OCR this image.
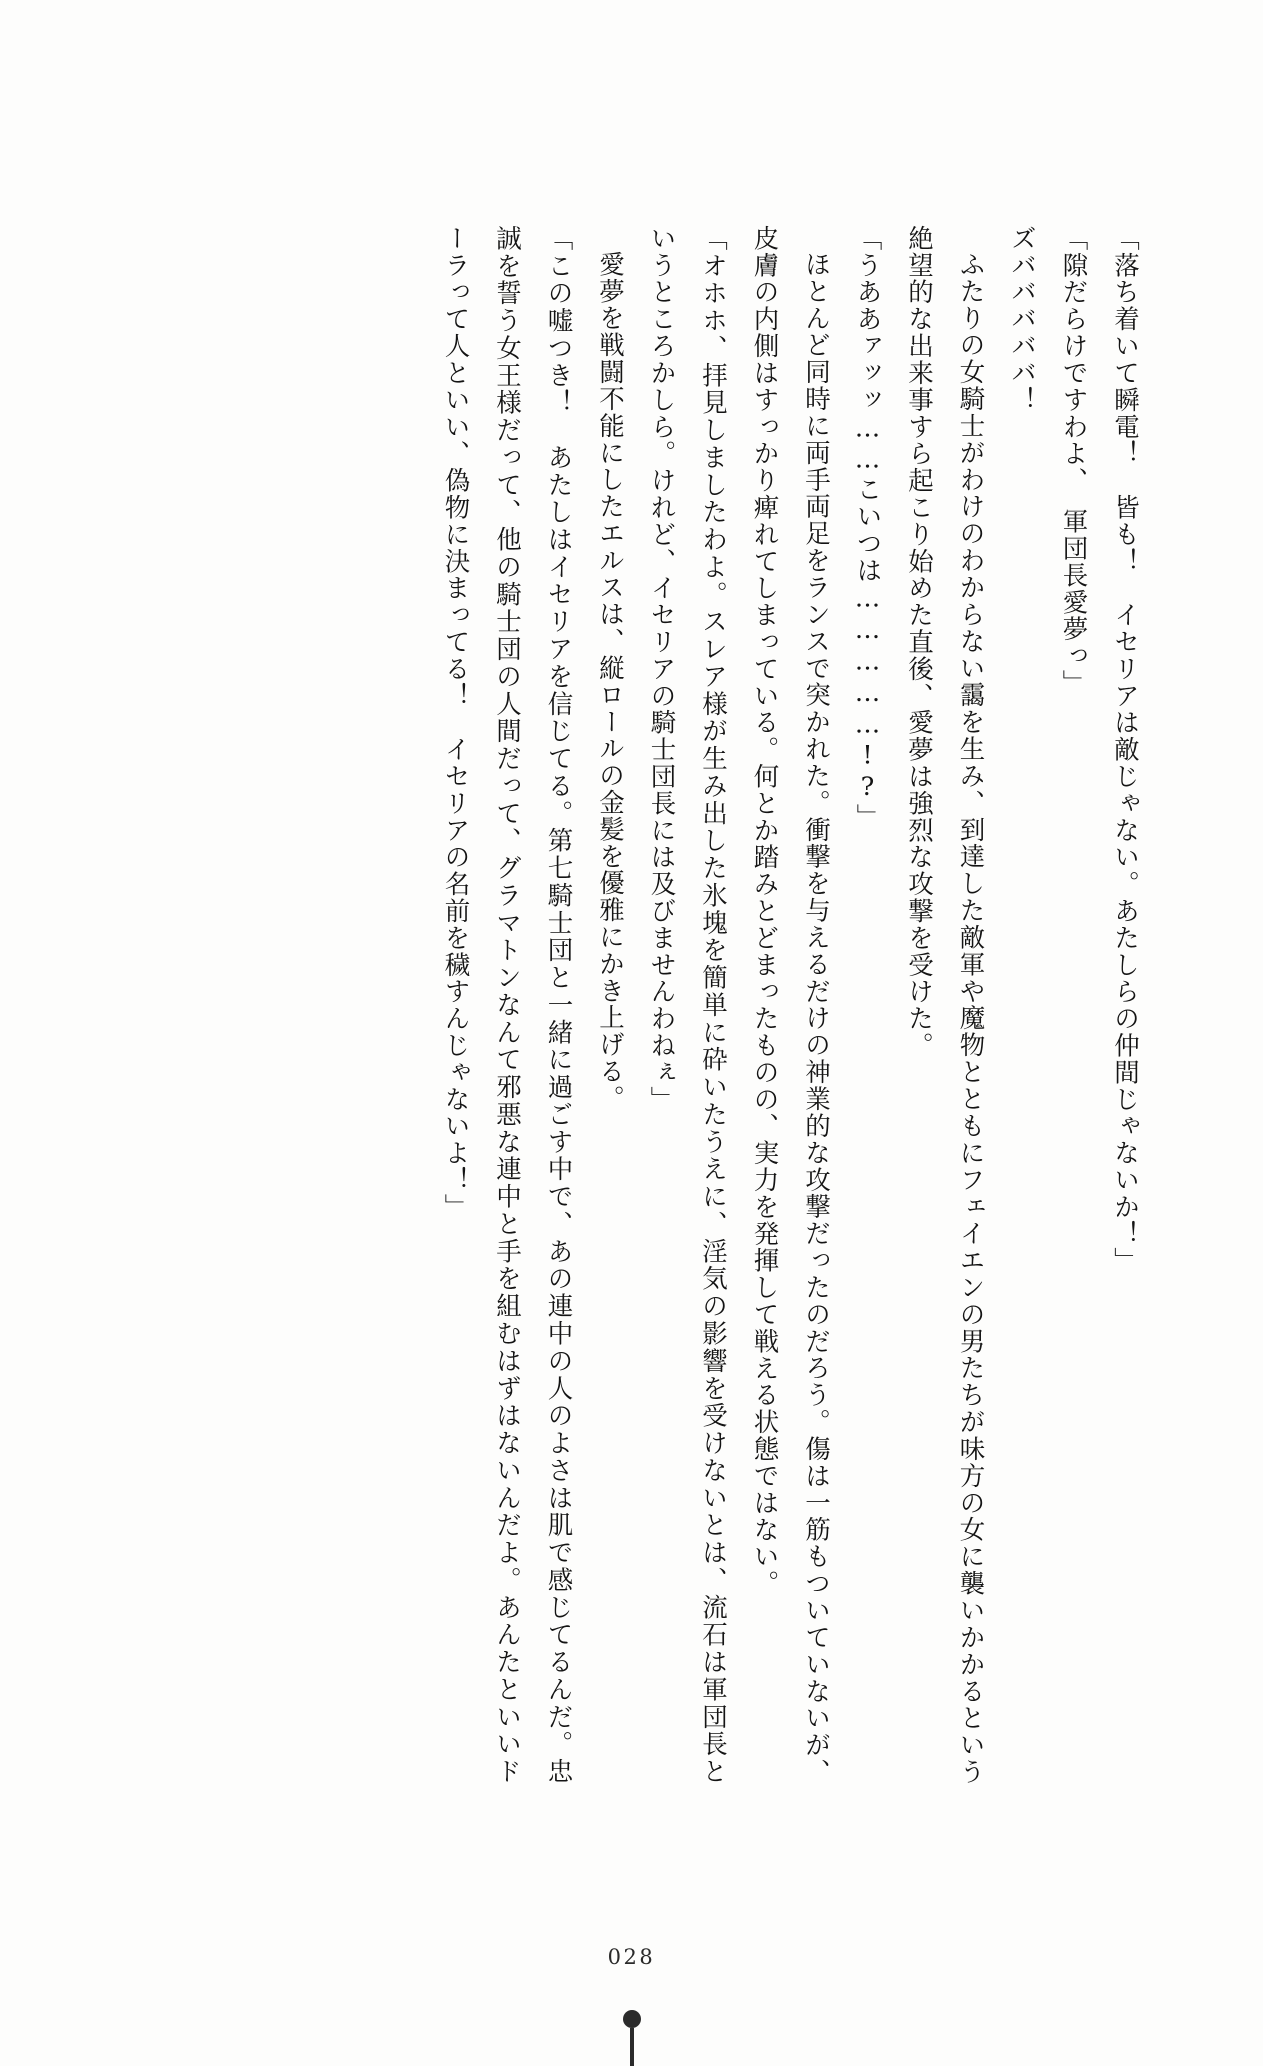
「落ち着いて瞬電！　皆も！　イセリアは敵じゃない。あたしらの仲間じゃないか！」

「隙だらけですわよ、　軍団長愛夢っ」

ズバババババ！

ふたりの女騎士がわけのわからない靄を生み、到達した敵軍や魔物とともにフェイエンの男たちが味方の女に襲いかかるという絶望的な出来事すら起こり始めた直後、愛夢は強烈な攻撃を受けた。

「うああァッッ……こいつは……………!?」

ほとんど同時に両手両足をランスで突かれた。衝撃を与えるだけの神業的な攻撃だったのだろう。傷は一筋もついていないが、皮膚の内側はすっかり痺れてしまっている。何とか踏みとどまったものの、実力を発揮して戦える状態ではない。

「オホホ、拝見しましたわよ。スレア様が生み出した氷塊を簡単に砕いたうえに、淫気の影響を受けないとは、流石は軍団長というところかしら。けれど、イセリアの騎士団長には及びませんわねぇ」

愛夢を戦闘不能にしたエルスは、縦ロールの金髪を優雅にかき上げる。

「この嘘つき！　あたしはイセリアを信じてる。第七騎士団と一緒に過ごす中で、あの連中の人のよさは肌で感じてるんだ。忠誠を誓う女王様だって、他の騎士団の人間だって、グラマトンなんて邪悪な連中と手を組むはずはないんだよ。あんたといいドーラって人といい、偽物に決まってる！　イセリアの名前を穢すんじゃないよ！」

028
